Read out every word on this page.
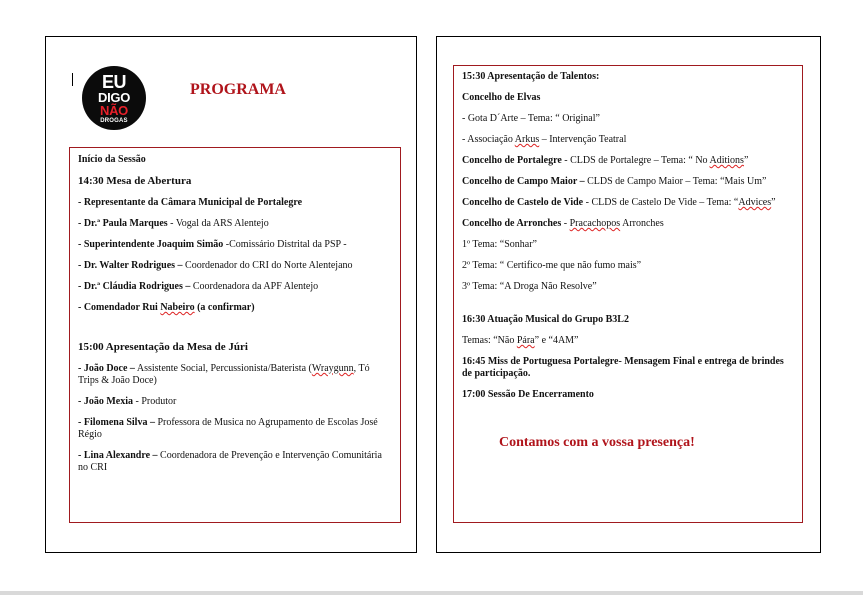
EU
DIGO
NÃO
DROGAS
PROGRAMA

Início da Sessão

14:30 Mesa de Abertura

- Representante da Câmara Municipal de Portalegre

- Dr.ª Paula Marques - Vogal da ARS Alentejo

- Superintendente Joaquim Simão -Comissário Distrital da PSP -

- Dr. Walter Rodrigues – Coordenador do CRI do Norte Alentejano

- Dr.ª Cláudia Rodrigues – Coordenadora da APF Alentejo

- Comendador Rui Nabeiro (a confirmar)

15:00 Apresentação da Mesa de Júri

- João Doce – Assistente Social, Percussionista/Baterista (Wraygunn, Tó Trips & João Doce)

- João Mexia - Produtor

- Filomena Silva – Professora de Musica no Agrupamento de Escolas José Régio

- Lina Alexandre – Coordenadora de Prevenção e Intervenção Comunitária no CRI

15:30 Apresentação de Talentos:

Concelho de Elvas

- Gota D´Arte – Tema: “ Original”

- Associação Arkus – Intervenção Teatral

Concelho de Portalegre - CLDS de Portalegre – Tema: “ No Aditions”

Concelho de Campo Maior – CLDS de Campo Maior – Tema: “Mais Um”

Concelho de Castelo de Vide - CLDS de Castelo De Vide – Tema: “Advices”

Concelho de Arronches - Pracachopos Arronches

1º Tema: “Sonhar”

2º Tema: “ Certifico-me que não fumo mais”

3º Tema: “A Droga Não Resolve”

16:30 Atuação Musical do Grupo B3L2

Temas: “Não Pára” e “4AM”

16:45 Miss de Portuguesa Portalegre- Mensagem Final e entrega de brindes de participação.

17:00 Sessão De Encerramento

Contamos com a vossa presença!
